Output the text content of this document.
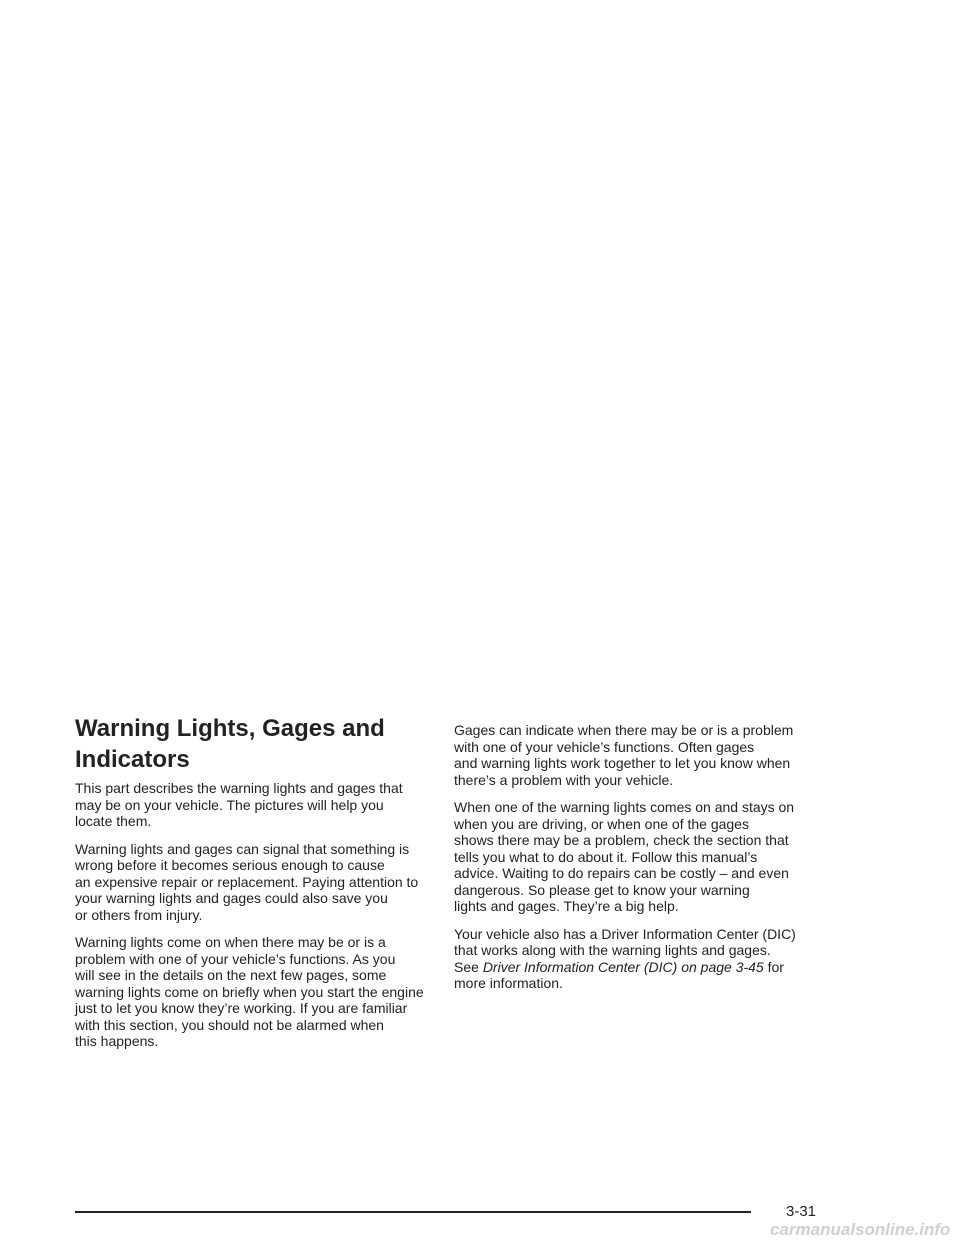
Warning Lights, Gages and
Indicators

This part describes the warning lights and gages that
may be on your vehicle. The pictures will help you
locate them.

Warning lights and gages can signal that something is
wrong before it becomes serious enough to cause
an expensive repair or replacement. Paying attention to
your warning lights and gages could also save you
or others from injury.

Warning lights come on when there may be or is a
problem with one of your vehicle’s functions. As you
will see in the details on the next few pages, some
warning lights come on briefly when you start the engine
just to let you know they’re working. If you are familiar
with this section, you should not be alarmed when
this happens.

Gages can indicate when there may be or is a problem
with one of your vehicle’s functions. Often gages
and warning lights work together to let you know when
there’s a problem with your vehicle.

When one of the warning lights comes on and stays on
when you are driving, or when one of the gages
shows there may be a problem, check the section that
tells you what to do about it. Follow this manual’s
advice. Waiting to do repairs can be costly – and even
dangerous. So please get to know your warning
lights and gages. They’re a big help.

Your vehicle also has a Driver Information Center (DIC)
that works along with the warning lights and gages.
See Driver Information Center (DIC) on page 3-45 for
more information.

3-31
carmanualsonline.info
